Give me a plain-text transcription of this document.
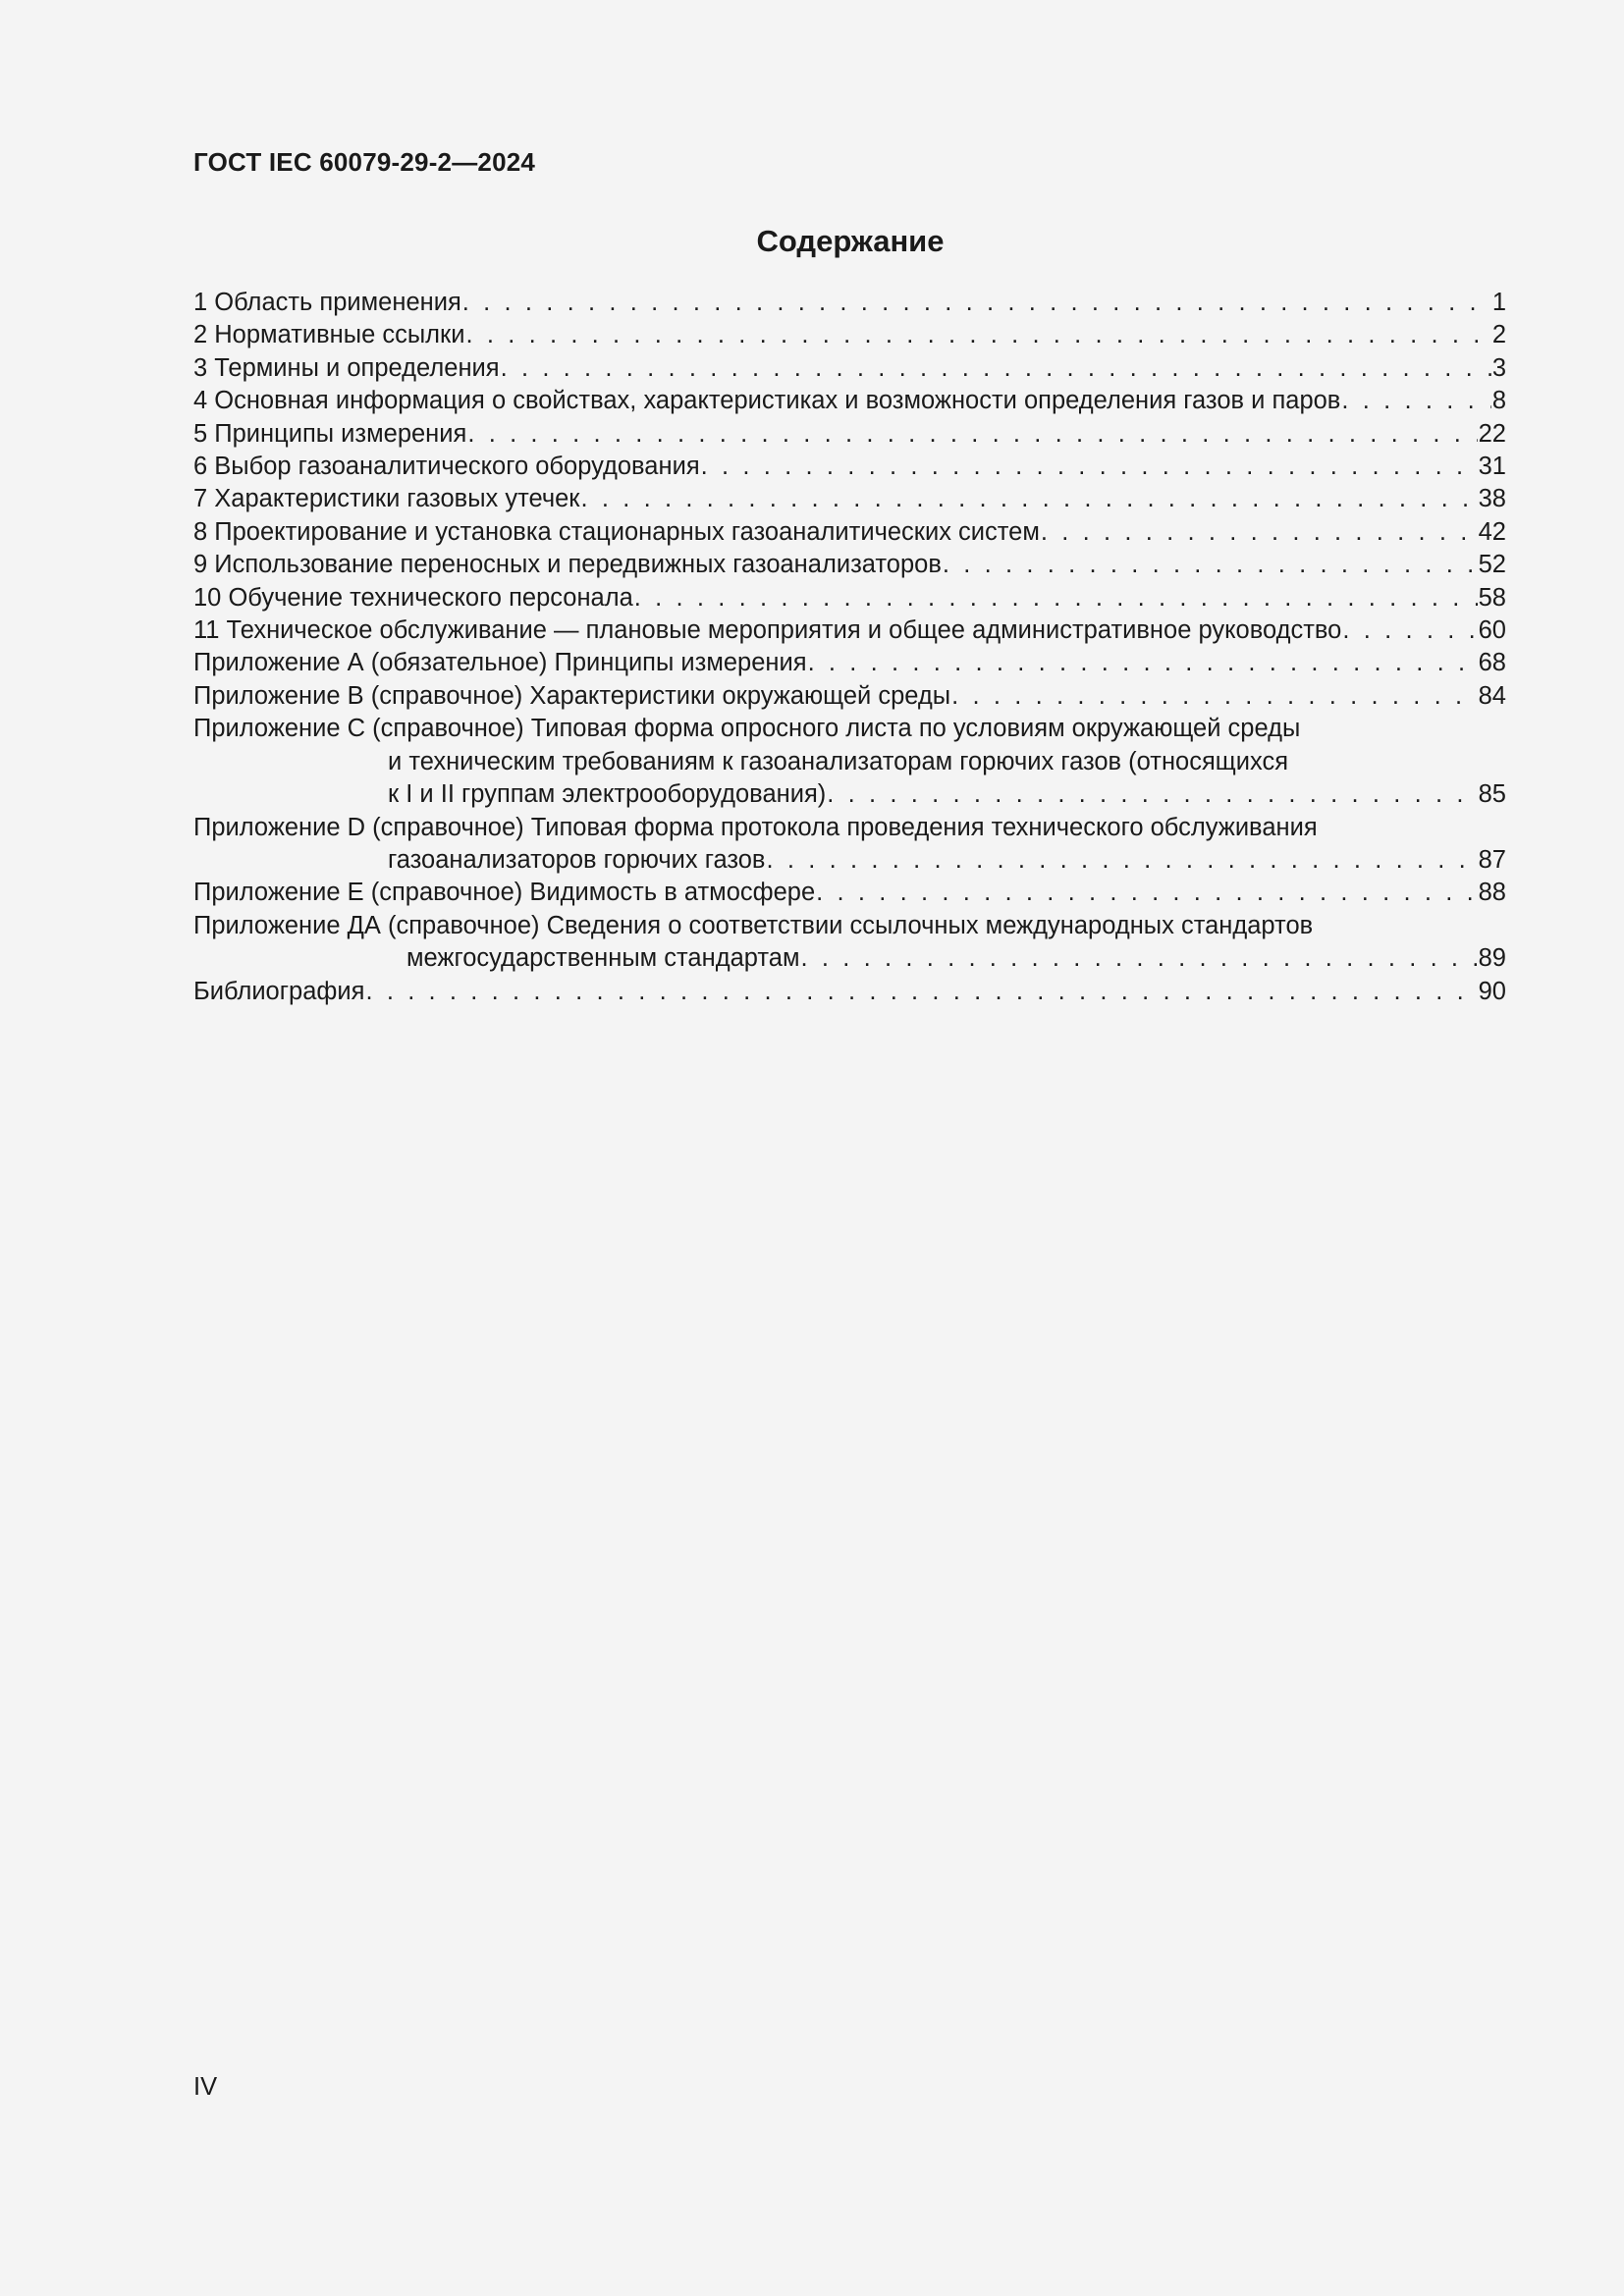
ГОСТ IEC 60079-29-2—2024
Содержание
1 Область применения . . .	1
2 Нормативные ссылки . . .	2
3 Термины и определения . . .	3
4 Основная информация о свойствах, характеристиках и возможности определения газов и паров . . .	8
5 Принципы измерения . . .	22
6 Выбор газоаналитического оборудования . . .	31
7 Характеристики газовых утечек . . .	38
8 Проектирование и установка стационарных газоаналитических систем . . .	42
9 Использование переносных и передвижных газоанализаторов . . .	52
10 Обучение технического персонала . . .	58
11 Техническое обслуживание — плановые мероприятия и общее административное руководство . . .	60
Приложение А (обязательное) Принципы измерения . . .	68
Приложение В (справочное) Характеристики окружающей среды . . .	84
Приложение С (справочное) Типовая форма опросного листа по условиям окружающей среды
и техническим требованиям к газоанализаторам горючих газов (относящихся
к I и II группам электрооборудования) . . .	85
Приложение D (справочное) Типовая форма протокола проведения технического обслуживания
газоанализаторов горючих газов . . .	87
Приложение Е (справочное) Видимость в атмосфере . . .	88
Приложение ДА (справочное) Сведения о соответствии ссылочных международных стандартов
межгосударственным стандартам . . .	89
Библиография . . .	90
IV
